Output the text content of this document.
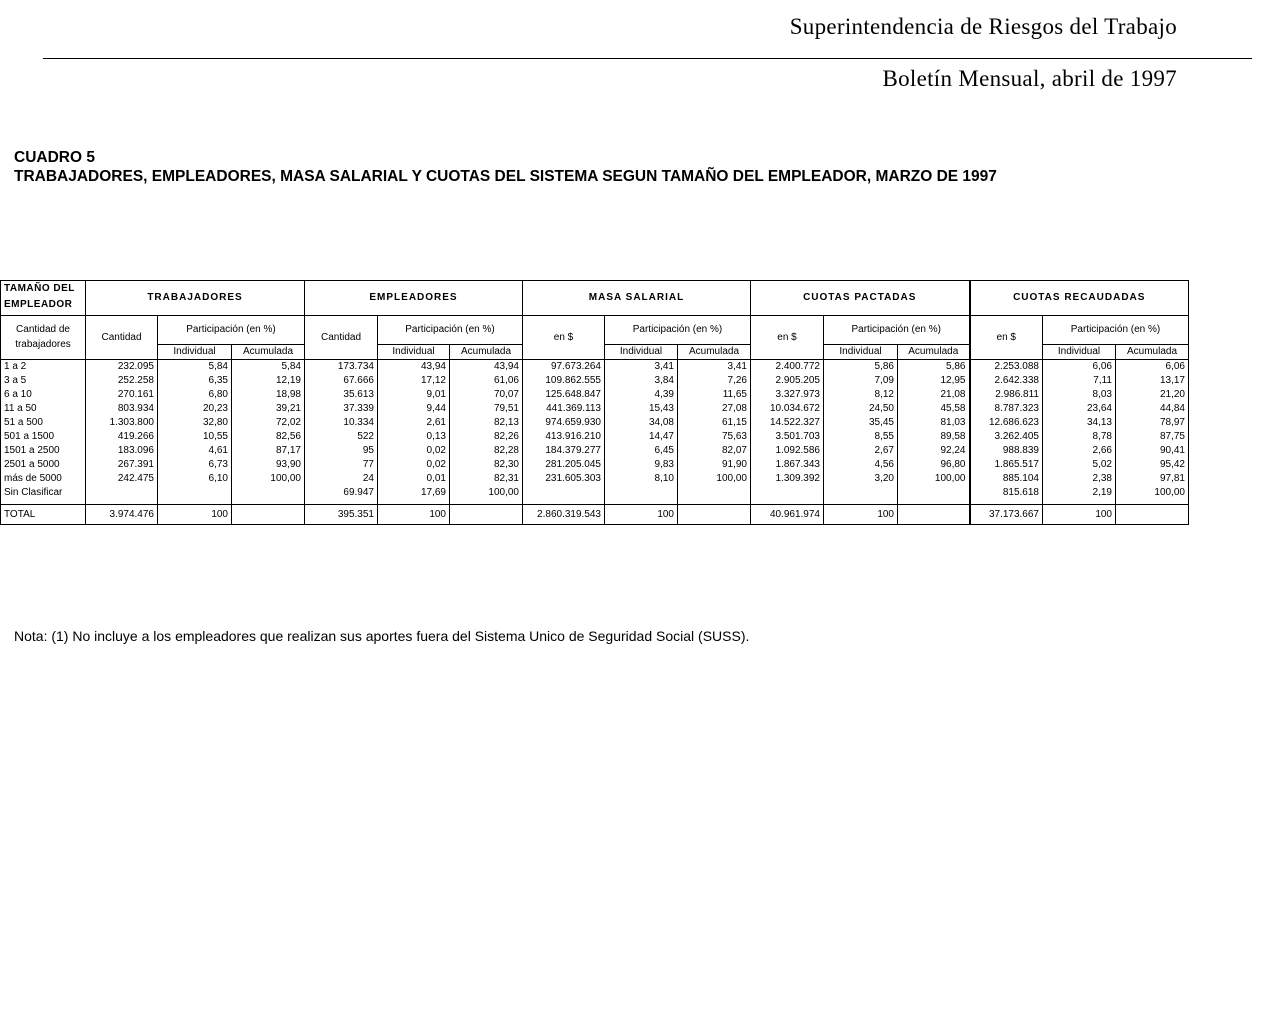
Superintendencia de Riesgos del Trabajo
Boletín Mensual, abril de 1997
CUADRO 5
TRABAJADORES, EMPLEADORES, MASA SALARIAL Y CUOTAS DEL SISTEMA SEGUN TAMAÑO DEL EMPLEADOR, MARZO DE 1997
TAMAÑO DEL	TRABAJADORES			EMPLEADORES			MASA SALARIAL			CUOTAS PACTADAS			CUOTAS RECAUDADAS		
EMPLEADOR															

Cantidad de
trabajadores	Cantidad	Participación (en %)		Cantidad	Participación (en %)		en $	Participación (en %)		en $	Participación (en %)		en $	Participación (en %)	
		Individual	Acumulada		Individual	Acumulada		Individual	Acumulada		Individual	Acumulada		Individual	Acumulada
1 a 2	232.095	5,84	5,84	173.734	43,94	43,94	97.673.264	3,41	3,41	2.400.772	5,86	5,86	2.253.088	6,06	6,06
3 a 5	252.258	6,35	12,19	67.666	17,12	61,06	109.862.555	3,84	7,26	2.905.205	7,09	12,95	2.642.338	7,11	13,17
6 a 10	270.161	6,80	18,98	35.613	9,01	70,07	125.648.847	4,39	11,65	3.327.973	8,12	21,08	2.986.811	8,03	21,20
11 a 50	803.934	20,23	39,21	37.339	9,44	79,51	441.369.113	15,43	27,08	10.034.672	24,50	45,58	8.787.323	23,64	44,84
51 a 500	1.303.800	32,80	72,02	10.334	2,61	82,13	974.659.930	34,08	61,15	14.522.327	35,45	81,03	12.686.623	34,13	78,97
501 a 1500	419.266	10,55	82,56	522	0,13	82,26	413.916.210	14,47	75,63	3.501.703	8,55	89,58	3.262.405	8,78	87,75
1501 a 2500	183.096	4,61	87,17	95	0,02	82,28	184.379.277	6,45	82,07	1.092.586	2,67	92,24	988.839	2,66	90,41
2501 a 5000	267.391	6,73	93,90	77	0,02	82,30	281.205.045	9,83	91,90	1.867.343	4,56	96,80	1.865.517	5,02	95,42
más de 5000	242.475	6,10	100,00	24	0,01	82,31	231.605.303	8,10	100,00	1.309.392	3,20	100,00	885.104	2,38	97,81
Sin Clasificar				69.947	17,69	100,00							815.618	2,19	100,00

TOTAL	3.974.476	100		395.351	100		2.860.319.543	100		40.961.974	100		37.173.667	100	
Nota: (1) No incluye a los empleadores que realizan sus aportes fuera del Sistema Unico de Seguridad Social (SUSS).
